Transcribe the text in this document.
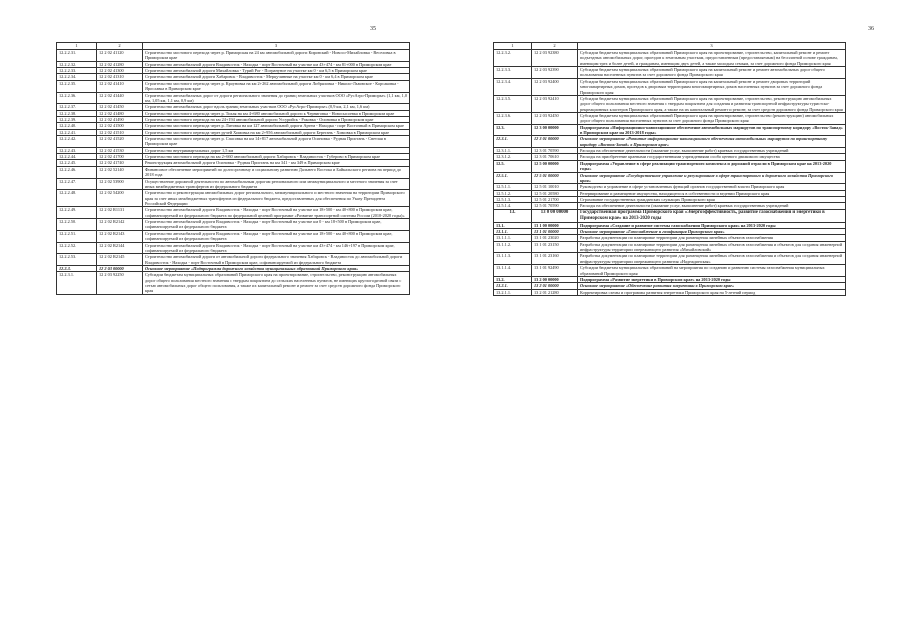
35	36
1	2	3
12.2.2.31.	12 2 02 41120	Строительство мостового перехода через р. Приморская на 24 км автомобильной дороги Кировский - Новосо-Михайловка - Веселовка в Приморском крае
12.2.2.32.	12 2 02 41280	Строительство автомобильной дороги Владивосток - Находка - порт Восточный на участке км 43+474 - км 81+000 в Приморском крае
12.2.2.33.	12 2 02 41300	Строительство автомобильной дороги Михайловка - Турий Рог - Погрануное на участке км 0 - км 6,5 в Приморском крае
12.2.2.34.	12 2 02 41310	Строительство автомобильной дороги Хабаровск - Владивосток - Мерцучинные на участке км 0 - км 6,4 в Приморском крае
12.2.2.35.	12 2 02 41410	Строительство мостового перехода через р. Кроуновка на км 2+262 автомобильной дороги Либряловка - Николо-Львовское - Корсаковка - Ярославка в Приморском крае
12.2.2.36.	12 2 02 41440	Строительство автомобильных дорог от дороги регионального значения до границ земельных участков ООО «РусАгро-Приморье» (1,1 км, 1,0 км, 1,05 км, 1,1 км, 0,9 км)
12.2.2.37.	12 2 02 41450	Строительство автомобильных дорог вдоль границ земельных участков ООО «РусАгро-Приморье» (0,9 км, 2,1 км, 1,6 км)
12.2.2.38.	12 2 02 41480	Строительство мостового перехода через р. Тихая на км 4+680 автомобильной дороги к Черниговка - Новосысоевка в Приморском крае
12.2.2.39.	12 2 02 41490	Строительство мостового перехода на км 24+194 автомобильной дороги Уссурийск - Раковка - Осиновка в Приморском крае
12.2.2.40.	12 2 02 41500	Строительство мостового перехода через р. Литовка на км 127 автомобильной дороги Артем - Находка - порт Восточный в Приморском крае
12.2.2.41.	12 2 02 41510	Строительство мостового перехода через ручей Химовка на км 2+956 автомобильной дороги Берегань - Химовка в Приморском крае
12.2.2.42.	12 2 02 41520	Строительство мостового перехода через р. Спасовка на км 14+817 автомобильной дороги Осиновка - Рудная Пристань - Светлая в Приморском крае
12.2.2.43.	12 2 02 41530	Строительство внутриквартальных дорог 1,5 км
12.2.2.44.	12 2 02 41700	Строительство мостового перехода на км 2+660 автомобильной дороги Хабаровск - Владивосток - Губерово в Приморском крае
12.2.2.45.	12 2 02 41740	Реконструкция автомобильной дороги Осиновка - Рудная Пристань на км 341 - км 349 в Приморском крае
12.2.2.46.	12 2 02 52140	Финансовое обеспечение мероприятий по долгосрочному и социальному развитию Дальнего Востока и Байкальского региона на период до 2018 года
12.2.2.47.	12 2 02 53900	Осуществление дорожной деятельности по автомобильным дорогам регионального или межмуниципального и местного значения за счет иных межбюджетных трансфертов из федерального бюджета
12.2.2.48.	12 2 02 54200	Строительство и реконструкция автомобильных дорог регионального, межмуниципального и местного значения на территории Приморского края за счет иных межбюджетных трансфертов из федерального бюджета, предоставленных для обеспечения по Указу Президента Российской Федерации
12.2.2.49.	12 2 02 R1131	Строительство автомобильной дороги Владивосток - Находка - порт Восточный на участке км 18+500 - км 40+800 в Приморском крае, софинансируемой из федерального бюджета по федеральной целевой программе «Развитие транспортной системы России (2010-2020 годы)»
12.2.2.50.	12 2 02 R2142	Строительство автомобильной дороги Владивосток - Находка - порт Восточный на участке км 0 - км 18+500 в Приморском крае, софинансируемой из федерального бюджета
12.2.2.51.	12 2 02 R2143	Строительство автомобильной дороги Владивосток - Находка - порт Восточный на участке км 18+500 - км 40+800 в Приморском крае, софинансируемой из федерального бюджета
12.2.2.52.	12 2 02 R2144	Строительство автомобильной дороги Владивосток - Находка - порт Восточный на участке км 43+474 - км 146+197 в Приморском крае, софинансируемой из федерального бюджета
12.2.2.53.	12 2 02 R2145	Строительство автомобильной дороги от автомобильной дороги федерального значения Хабаровск - Владивосток до автомобильной дороги Владивосток - Находка - порт Восточный в Приморском крае, софинансируемой из федерального бюджета
12.2.3.	12 2 03 00000	Основное мероприятие «Подпрограмма дорожного хозяйства муниципальных образований Приморского края»
12.2.3.1.	12 2 03 92250	Субсидии бюджетам муниципальных образований Приморского края на проектирование, строительство, реконструкцию автомобильных дорог общего пользования местного значения с твердым покрытием до сельских населенных пунктов, не имеющих круглогодичной связи с сетью автомобильных дорог общего пользования, а также их капитальный ремонт и ремонт за счет средств дорожного фонда Приморского края
1	2	3
12.2.3.2.	12 2 03 92380	Субсидии бюджетам муниципальных образований Приморского края на проектирование, строительство, капитальный ремонт и ремонт подъездных автомобильных дорог, проездов к земельным участкам, предоставленным (предоставляемым) на бесплатной основе гражданам, имеющим трех и более детей, и гражданам, имеющим двух детей, а также молодым семьям, за счет дорожного фонда Приморского края
12.2.3.3.	12 2 03 92390	Субсидии бюджетам муниципальных образований Приморского края на капитальный ремонт и ремонт автомобильных дорог общего пользования населенных пунктов за счет дорожного фонда Приморского края
12.2.3.4.	12 2 03 92400	Субсидии бюджетам муниципальных образований Приморского края на капитальный ремонт и ремонт дворовых территорий многоквартирных домов, проездов к дворовым территориям многоквартирных домов населенных пунктов за счет дорожного фонда Приморского края
12.2.3.5.	12 2 03 92410	Субсидии бюджетам муниципальных образований Приморского края на проектирование, строительство, реконструкцию автомобильных дорог общего пользования местного значения с твердым покрытием для создания и развития транспортной инфраструктуры туристско-рекреационных кластеров Приморского края, а также на их капитальный ремонт и ремонт, за счет средств дорожного фонда Приморского края
12.2.3.6.	12 2 03 92450	Субсидии бюджетам муниципальных образований Приморского края на проектирование, строительство (реконструкцию) автомобильных дорог общего пользования населенных пунктов за счет дорожного фонда Приморского края
12.3.	12 3 00 00000	Подпрограмма «Информационно-навигационное обеспечение автомобильных маршрутов по транспортному коридору «Восток-Запад» в Приморском крае на 2013-2018 годы»
12.3.1.	12 3 01 00000	Основное мероприятие «Развитие информационно-навигационного обеспечения автомобильных маршрутов по транспортному коридору «Восток-Запад» в Приморском крае»
12.3.1.1.	12 3 01 70590	Расходы на обеспечение деятельности (оказание услуг, выполнение работ) краевых государственных учреждений
12.3.1.2.	12 3 01 70610	Расходы на приобретение краевыми государственными учреждениями особо ценного движимого имущества
12.5.	12 5 00 00000	Подпрограмма «Управление в сфере реализации транспортного комплекса и дорожной отрасли в Приморском крае на 2013-2020 годы»
12.5.1.	12 5 01 00000	Основное мероприятие «Государственное управление и регулирование в сфере транспортного и дорожного хозяйства Приморского края»
12.5.1.1.	12 5 01 10010	Руководство и управление в сфере установленных функций органов государственной власти Приморского края
12.5.1.2.	12 5 01 20580	Резервирование и размещение имущества, находящегося в собственности и ведении Приморского края
12.5.1.3.	12 5 01 21700	Страхование государственных гражданских служащих Приморского края
12.5.1.4.	12 5 01 70590	Расходы на обеспечение деятельности (оказание услуг, выполнение работ) краевых государственных учреждений
13.	13 0 00 00000	Государственная программа Приморского края «Энергоэффективность, развитие газоснабжения и энергетики в Приморском крае» на 2013-2020 годы
13.1.	13 1 00 00000	Подпрограмма «Создание и развитие системы газоснабжения Приморского края» на 2013-2020 годы
13.1.1.	13 1 01 00000	Основное мероприятие «Газоснабжение и газификация Приморского края»
13.1.1.1.	13 1 01 23020	Разработка документации по планировке территории для размещения линейных объектов газоснабжения
13.1.1.2.	13 1 01 23150	Разработка документации по планировке территории для размещения линейных объектов газоснабжения и объектов для создания инженерной инфраструктуры территории опережающего развития «Михайловский»
13.1.1.3.	13 1 01 23160	Разработка документации по планировке территории для размещения линейных объектов газоснабжения и объектов для создания инженерной инфраструктуры территории опережающего развития «Надеждинская»
13.1.1.4.	13 1 01 92490	Субсидии бюджетам муниципальных образований на мероприятия по созданию и развитию системы газоснабжения муниципальных образований Приморского края
13.2.	13 2 00 00000	Подпрограмма «Развитие энергетики в Приморском крае» на 2013-2020 годы
13.2.1.	13 2 01 00000	Основное мероприятие «Обеспечение развития энергетики в Приморском крае»
13.2.1.1.	13 2 01 21280	Корректировка схемы и программы развития энергетики Приморского края на 5-летний период
